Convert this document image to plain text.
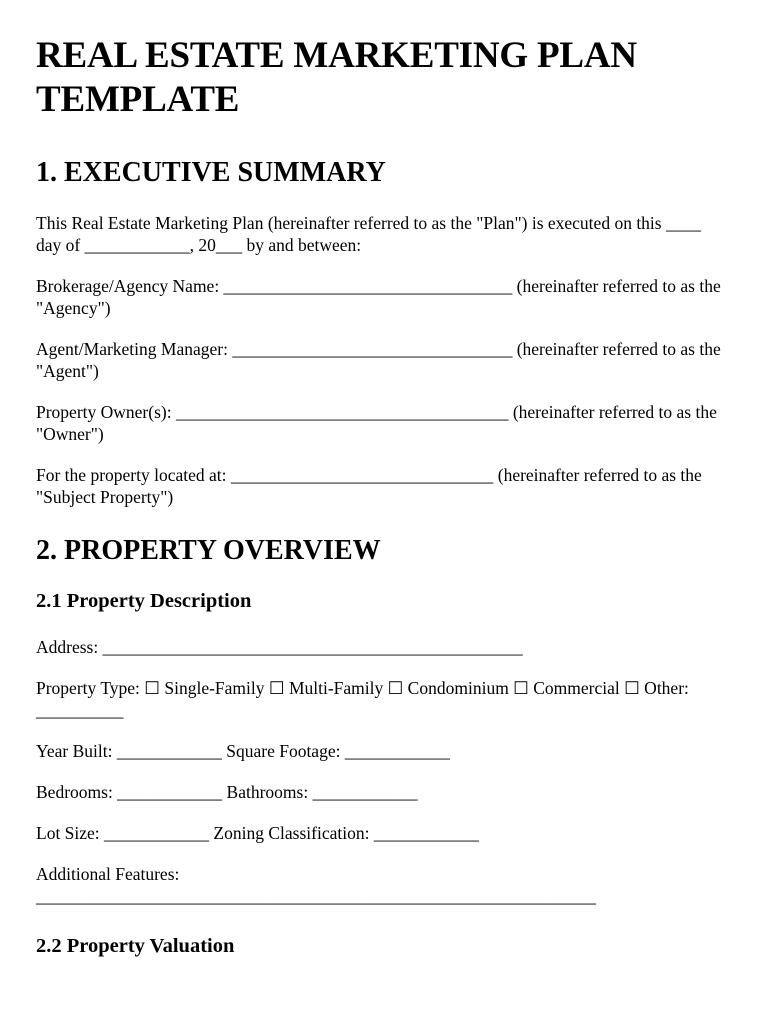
REAL ESTATE MARKETING PLAN TEMPLATE
1. EXECUTIVE SUMMARY

This Real Estate Marketing Plan (hereinafter referred to as the "Plan") is executed on this ____ day of ____________, 20___ by and between:

Brokerage/Agency Name: _________________________________ (hereinafter referred to as the "Agency")

Agent/Marketing Manager: ________________________________ (hereinafter referred to as the "Agent")

Property Owner(s): ______________________________________ (hereinafter referred to as the "Owner")

For the property located at: ______________________________ (hereinafter referred to as the "Subject Property")

2. PROPERTY OVERVIEW
2.1 Property Description

Address: ________________________________________________

Property Type: ☐ Single-Family ☐ Multi-Family ☐ Condominium ☐ Commercial ☐ Other: __________

Year Built: ____________ Square Footage: ____________

Bedrooms: ____________ Bathrooms: ____________

Lot Size: ____________ Zoning Classification: ____________

Additional Features:

________________________________________________________________

2.2 Property Valuation
